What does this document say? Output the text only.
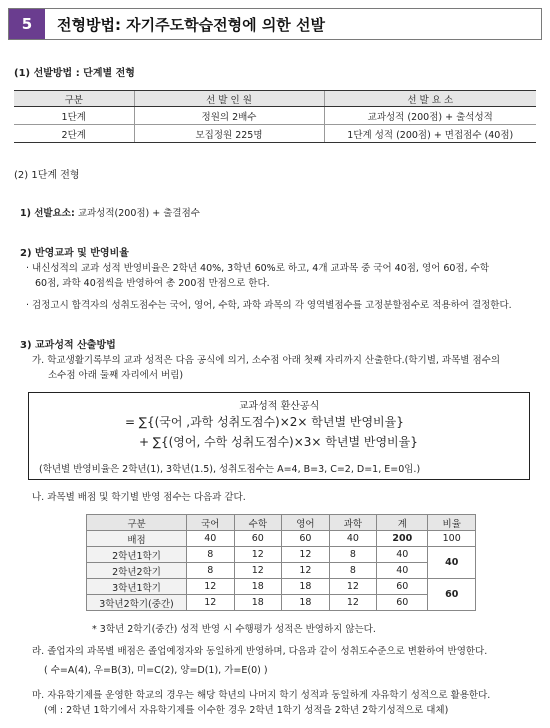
5	전형방법: 자기주도학습전형에 의한 선발
(1) 선발방법 : 단계별 전형
구분	선 발 인 원	선 발 요 소
1단계	정원의 2배수	교과성적 (200점) + 출석성적
2단계	모집정원 225명	1단계 성적 (200점) + 면접점수 (40점)
(2) 1단계 전형
1) 선발요소: 교과성적(200점) + 출결점수
2) 반영교과 및 반영비율
· 내신성적의 교과 성적 반영비율은 2학년 40%, 3학년 60%로 하고, 4개 교과목 중 국어 40점, 영어 60점, 수학
60점, 과학 40점씩을 반영하여 총 200점 만점으로 한다.
· 검정고시 합격자의 성취도점수는 국어, 영어, 수학, 과학 과목의 각 영역별점수를 고정분할점수로 적용하여 결정한다.
3) 교과성적 산출방법
가. 학교생활기록부의 교과 성적은 다음 공식에 의거, 소수점 아래 첫째 자리까지 산출한다.(학기별, 과목별 점수의
소수점 아래 둘째 자리에서 버림)
교과성적 환산공식
= ∑{(국어 ,과학 성취도점수)×2× 학년별 반영비율}
+ ∑{(영어, 수학 성취도점수)×3× 학년별 반영비율}
(학년별 반영비율은 2학년(1), 3학년(1.5), 성취도점수는 A=4, B=3, C=2, D=1, E=0임.)
나. 과목별 배점 및 학기별 반영 점수는 다음과 같다.
구분	국어	수학	영어	과학	계	비율
배점	40	60	60	40	200	100
2학년1학기	8	12	12	8	40	40
2학년2학기	8	12	12	8	40	
3학년1학기	12	18	18	12	60	60
3학년2학기(중간)	12	18	18	12	60	
* 3학년 2학기(중간) 성적 반영 시 수행평가 성적은 반영하지 않는다.
라. 졸업자의 과목별 배점은 졸업예정자와 동일하게 반영하며, 다음과 같이 성취도수준으로 변환하여 반영한다.
( 수=A(4), 우=B(3), 미=C(2), 양=D(1), 가=E(0) )
마. 자유학기제를 운영한 학교의 경우는 해당 학년의 나머지 학기 성적과 동일하게 자유학기 성적으로 활용한다.
(예 : 2학년 1학기에서 자유학기제를 이수한 경우 2학년 1학기 성적을 2학년 2학기성적으로 대체)
